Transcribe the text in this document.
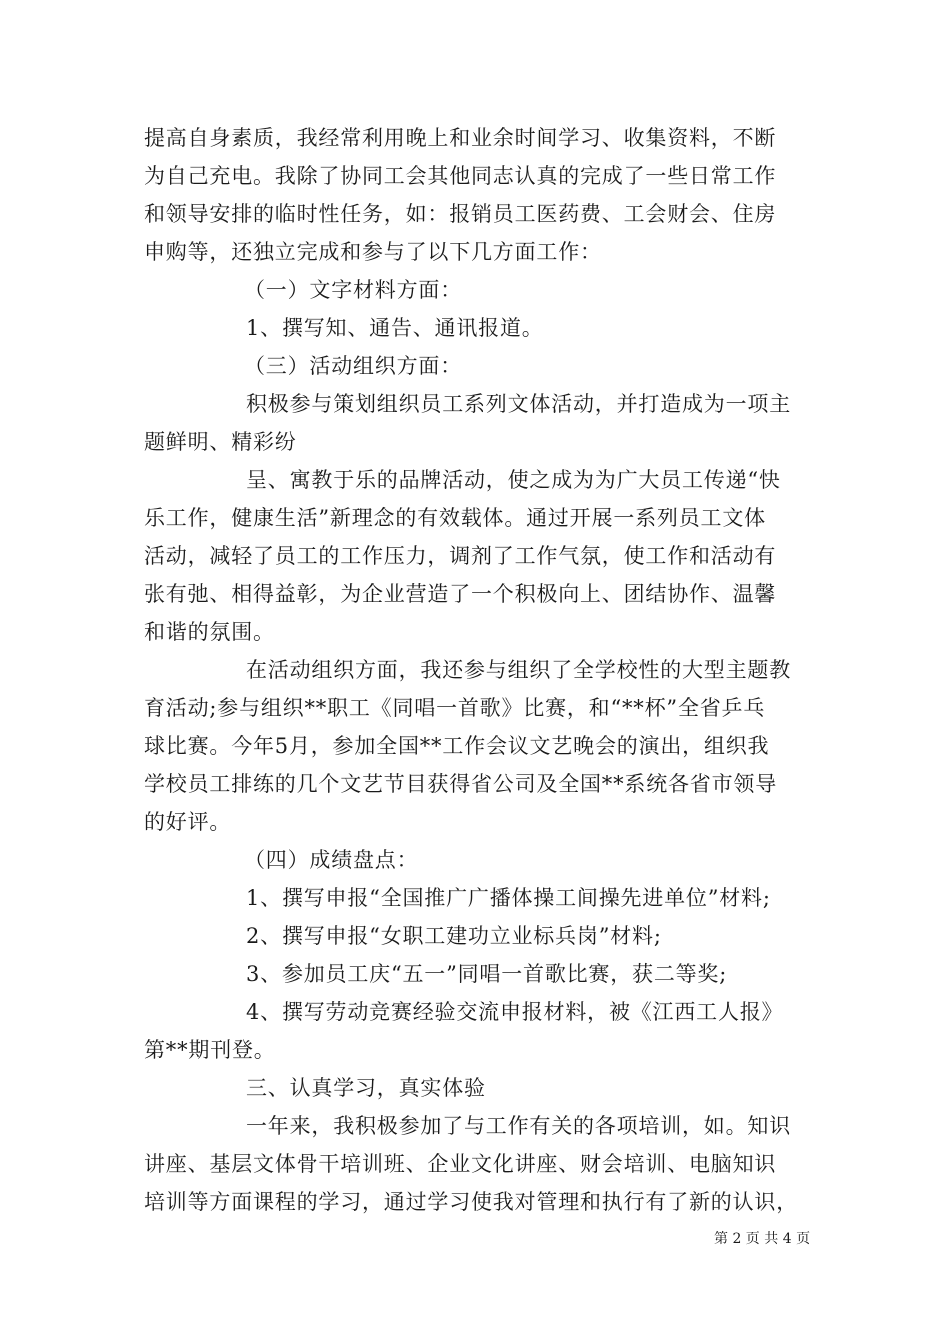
提高自身素质，我经常利用晚上和业余时间学习、收集资料，不断
为自己充电。我除了协同工会其他同志认真的完成了一些日常工作
和领导安排的临时性任务，如：报销员工医药费、工会财会、住房
申购等，还独立完成和参与了以下几方面工作：
（一）文字材料方面：
1、撰写知、通告、通讯报道。
（三）活动组织方面：
积极参与策划组织员工系列文体活动，并打造成为一项主
题鲜明、精彩纷
呈、寓教于乐的品牌活动，使之成为为广大员工传递“快
乐工作，健康生活”新理念的有效载体。通过开展一系列员工文体
活动，减轻了员工的工作压力，调剂了工作气氛，使工作和活动有
张有弛、相得益彰，为企业营造了一个积极向上、团结协作、温馨
和谐的氛围。
在活动组织方面，我还参与组织了全学校性的大型主题教
育活动;参与组织**职工《同唱一首歌》比赛，和“**杯”全省乒乓
球比赛。今年5月，参加全国**工作会议文艺晚会的演出，组织我
学校员工排练的几个文艺节目获得省公司及全国**系统各省市领导
的好评。
（四）成绩盘点：
1、撰写申报“全国推广广播体操工间操先进单位”材料;
2、撰写申报“女职工建功立业标兵岗”材料;
3、参加员工庆“五一”同唱一首歌比赛，获二等奖;
4、撰写劳动竞赛经验交流申报材料，被《江西工人报》
第**期刊登。
三、认真学习，真实体验
一年来，我积极参加了与工作有关的各项培训，如。知识
讲座、基层文体骨干培训班、企业文化讲座、财会培训、电脑知识
培训等方面课程的学习，通过学习使我对管理和执行有了新的认识，
第 2 页 共 4 页
